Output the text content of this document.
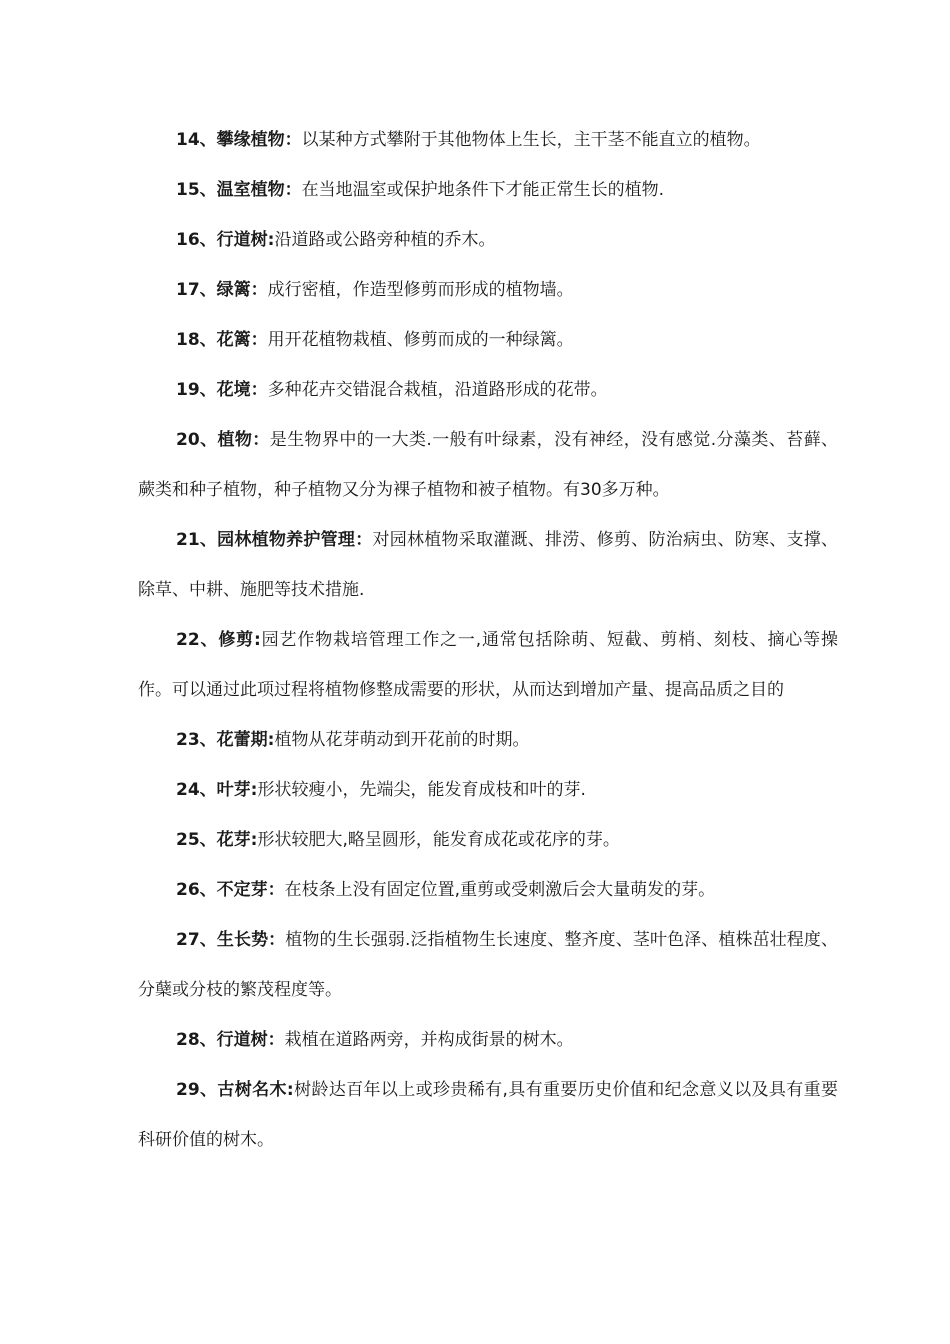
14、攀缘植物：以某种方式攀附于其他物体上生长，主干茎不能直立的植物。
15、温室植物：在当地温室或保护地条件下才能正常生长的植物.
16、行道树:沿道路或公路旁种植的乔木。
17、绿篱：成行密植，作造型修剪而形成的植物墙。
18、花篱：用开花植物栽植、修剪而成的一种绿篱。
19、花境：多种花卉交错混合栽植，沿道路形成的花带。
20、植物：是生物界中的一大类.一般有叶绿素，没有神经，没有感觉.分藻类、苔藓、蕨类和种子植物，种子植物又分为裸子植物和被子植物。有30多万种。
21、园林植物养护管理：对园林植物采取灌溉、排涝、修剪、防治病虫、防寒、支撑、除草、中耕、施肥等技术措施.
22、修剪:园艺作物栽培管理工作之一,通常包括除萌、短截、剪梢、刻枝、摘心等操作。可以通过此项过程将植物修整成需要的形状，从而达到增加产量、提高品质之目的
23、花蕾期:植物从花芽萌动到开花前的时期。
24、叶芽:形状较瘦小，先端尖，能发育成枝和叶的芽.
25、花芽:形状较肥大,略呈圆形，能发育成花或花序的芽。
26、不定芽：在枝条上没有固定位置,重剪或受刺激后会大量萌发的芽。
27、生长势：植物的生长强弱.泛指植物生长速度、整齐度、茎叶色泽、植株茁壮程度、分蘖或分枝的繁茂程度等。
28、行道树：栽植在道路两旁，并构成街景的树木。
29、古树名木:树龄达百年以上或珍贵稀有,具有重要历史价值和纪念意义以及具有重要科研价值的树木。
